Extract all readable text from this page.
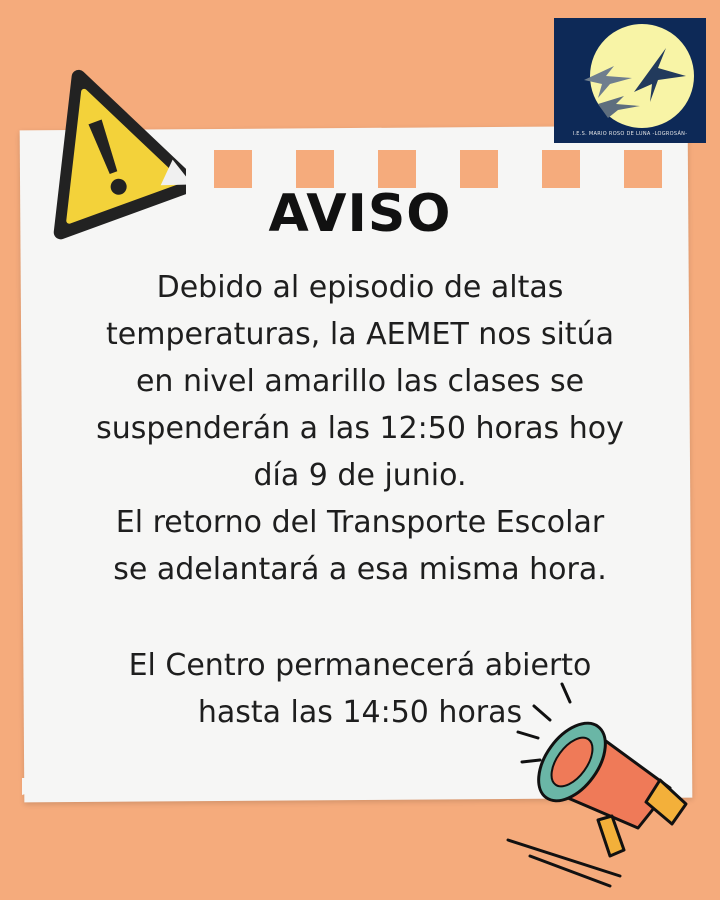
I.E.S. MARIO ROSO DE LUNA -LOGROSÁN-
AVISO
Debido al episodio de altas
temperaturas, la AEMET nos sitúa
en nivel amarillo las clases se
suspenderán a las 12:50 horas hoy
día 9 de junio.
El retorno del Transporte Escolar
se adelantará a esa misma hora.
El Centro permanecerá abierto
hasta las 14:50 horas
